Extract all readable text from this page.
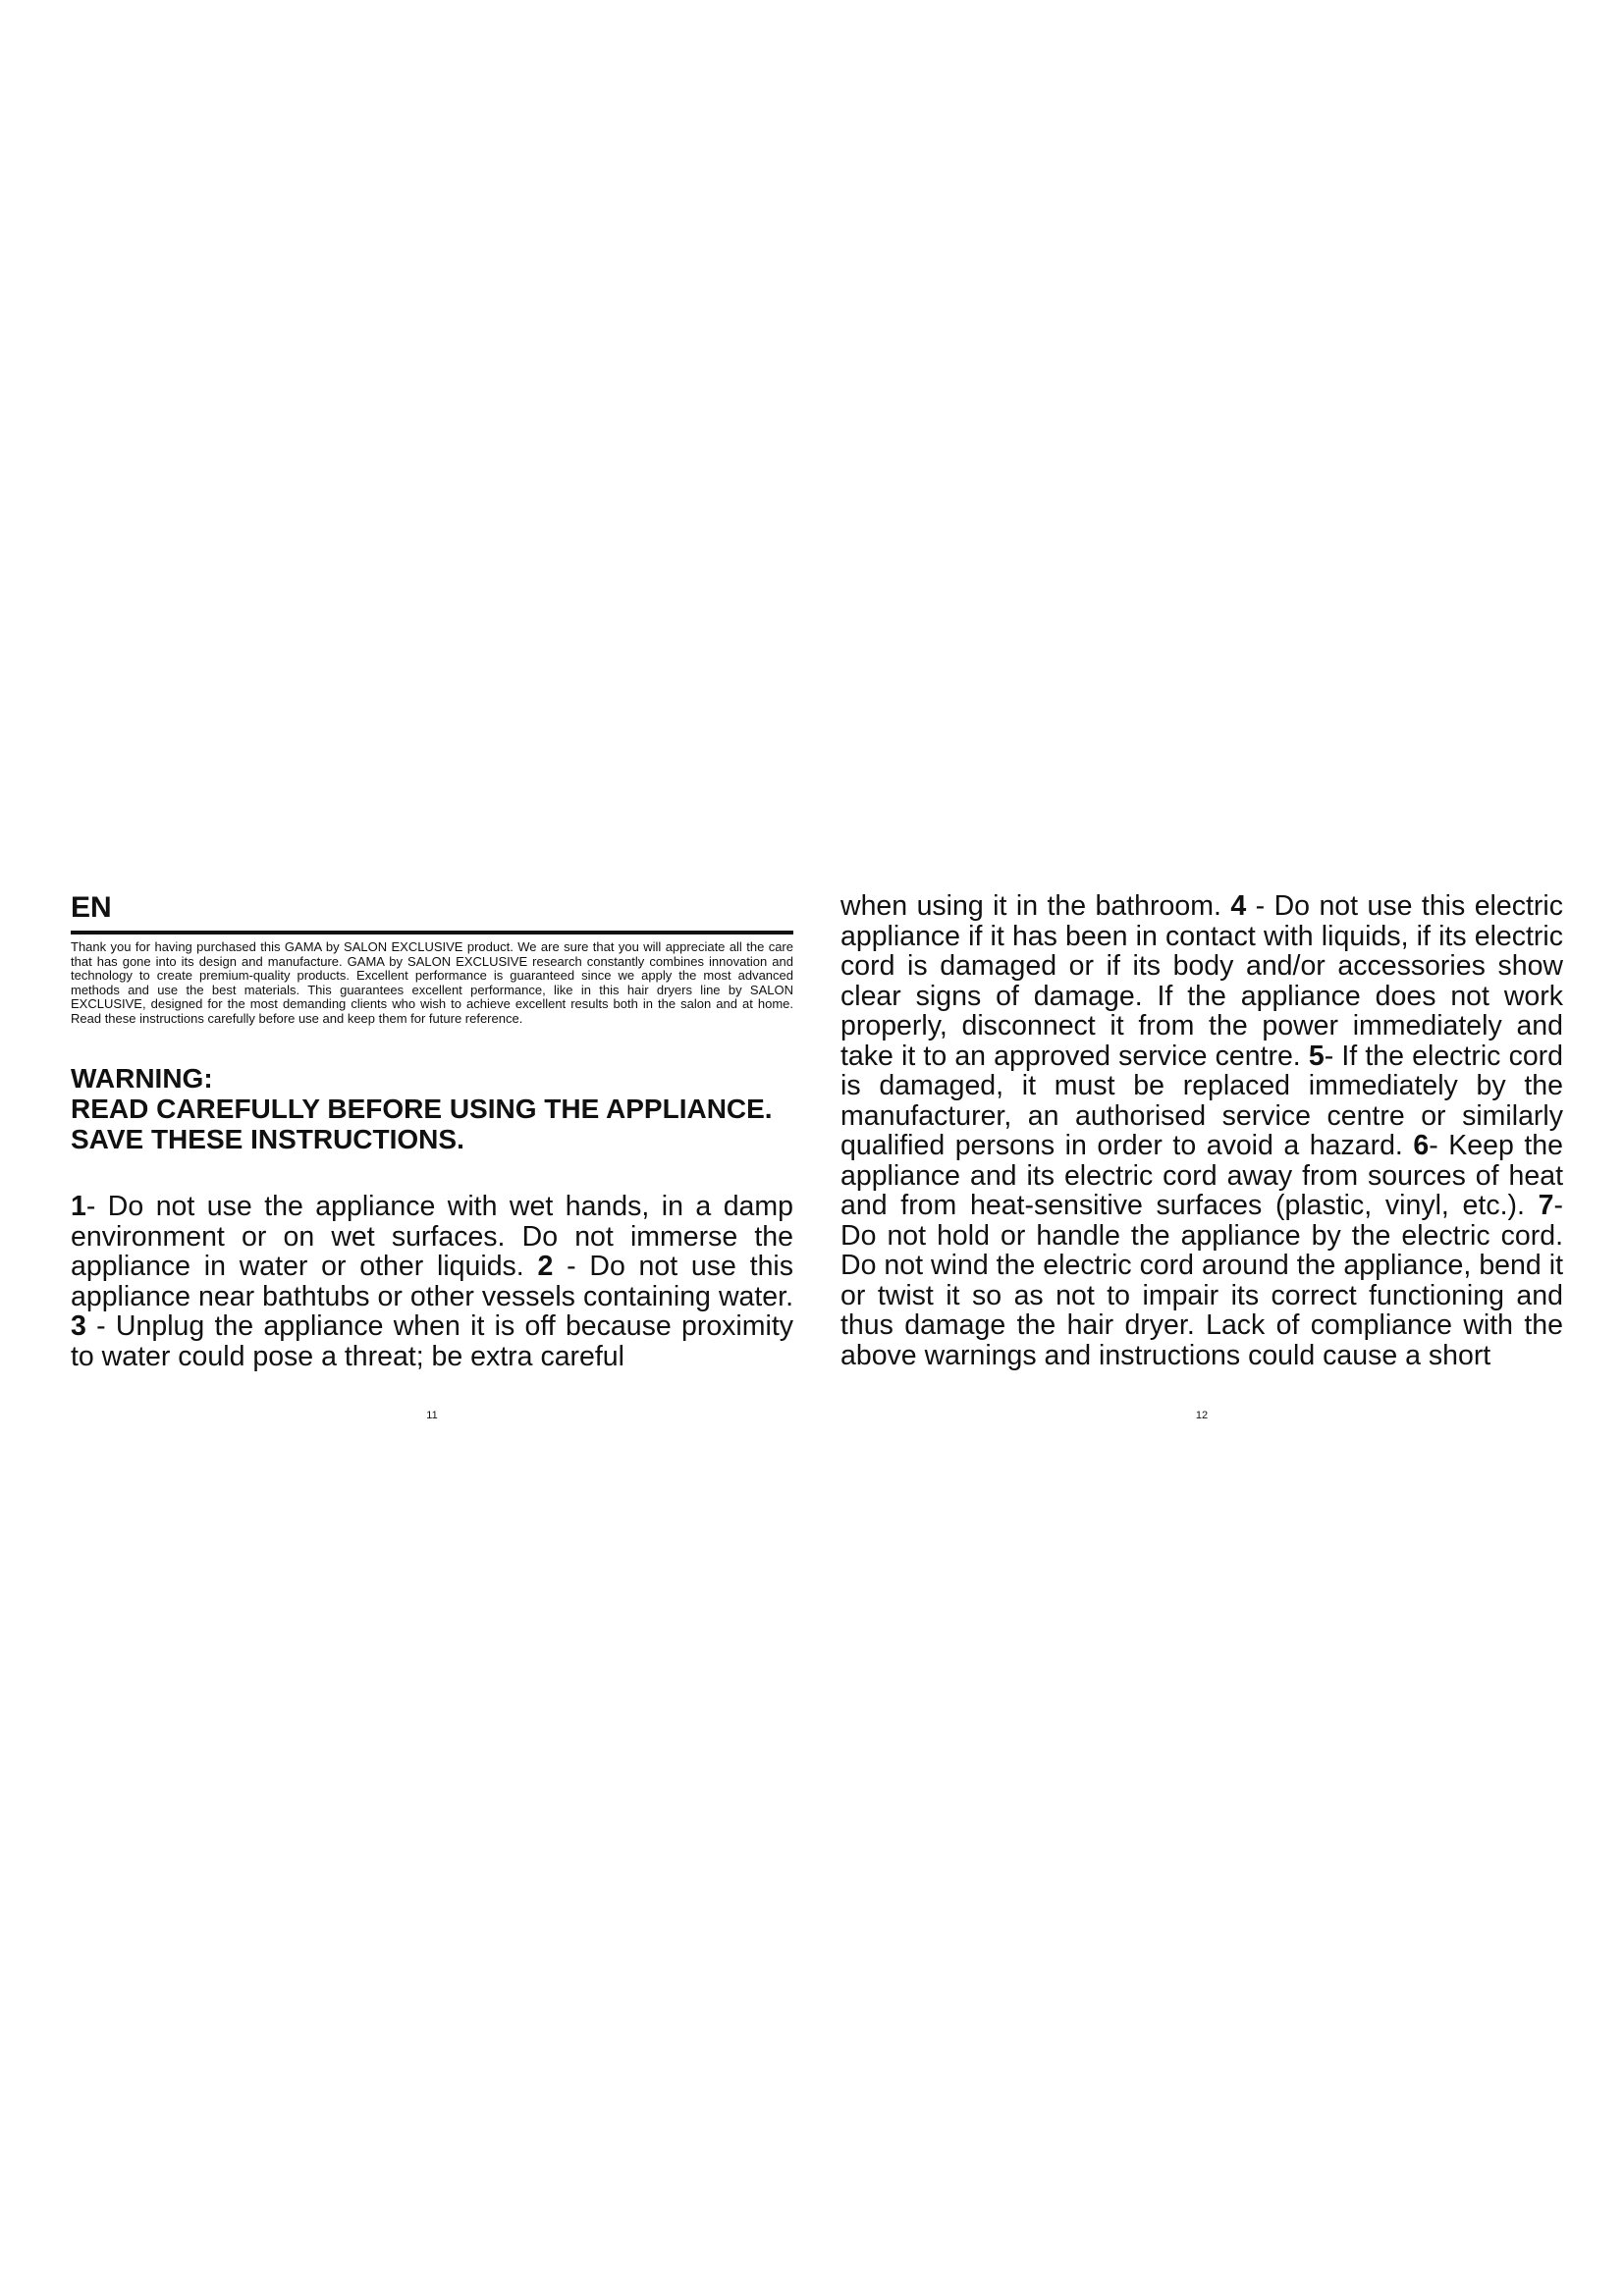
EN

Thank you for having purchased this GAMA by SALON EXCLUSIVE product. We are sure that you will appreciate all the care that has gone into its design and manufacture. GAMA by SALON EXCLUSIVE research constantly combines innovation and technology to create premium-quality products. Excellent performance is guaranteed since we apply the most advanced methods and use the best materials. This guarantees excellent performance, like in this hair dryers line by SALON EXCLUSIVE, designed for the most demanding clients who wish to achieve excellent results both in the salon and at home. Read these instructions carefully before use and keep them for future reference.

WARNING:
READ CAREFULLY BEFORE USING THE APPLIANCE.
SAVE THESE INSTRUCTIONS.

1- Do not use the appliance with wet hands, in a damp environment or on wet surfaces. Do not immerse the appliance in water or other liquids. 2 - Do not use this appliance near bathtubs or other vessels containing water. 3 - Unplug the appliance when it is off because proximity to water could pose a threat; be extra careful

11

when using it in the bathroom. 4 - Do not use this electric appliance if it has been in contact with liquids, if its electric cord is damaged or if its body and/or accessories show clear signs of damage. If the appliance does not work properly, disconnect it from the power immediately and take it to an approved service centre. 5- If the electric cord is damaged, it must be replaced immediately by the manufacturer, an authorised service centre or similarly qualified persons in order to avoid a hazard. 6- Keep the appliance and its electric cord away from sources of heat and from heat-sensitive surfaces (plastic, vinyl, etc.). 7- Do not hold or handle the appliance by the electric cord. Do not wind the electric cord around the appliance, bend it or twist it so as not to impair its correct functioning and thus damage the hair dryer. Lack of compliance with the above warnings and instructions could cause a short

12
